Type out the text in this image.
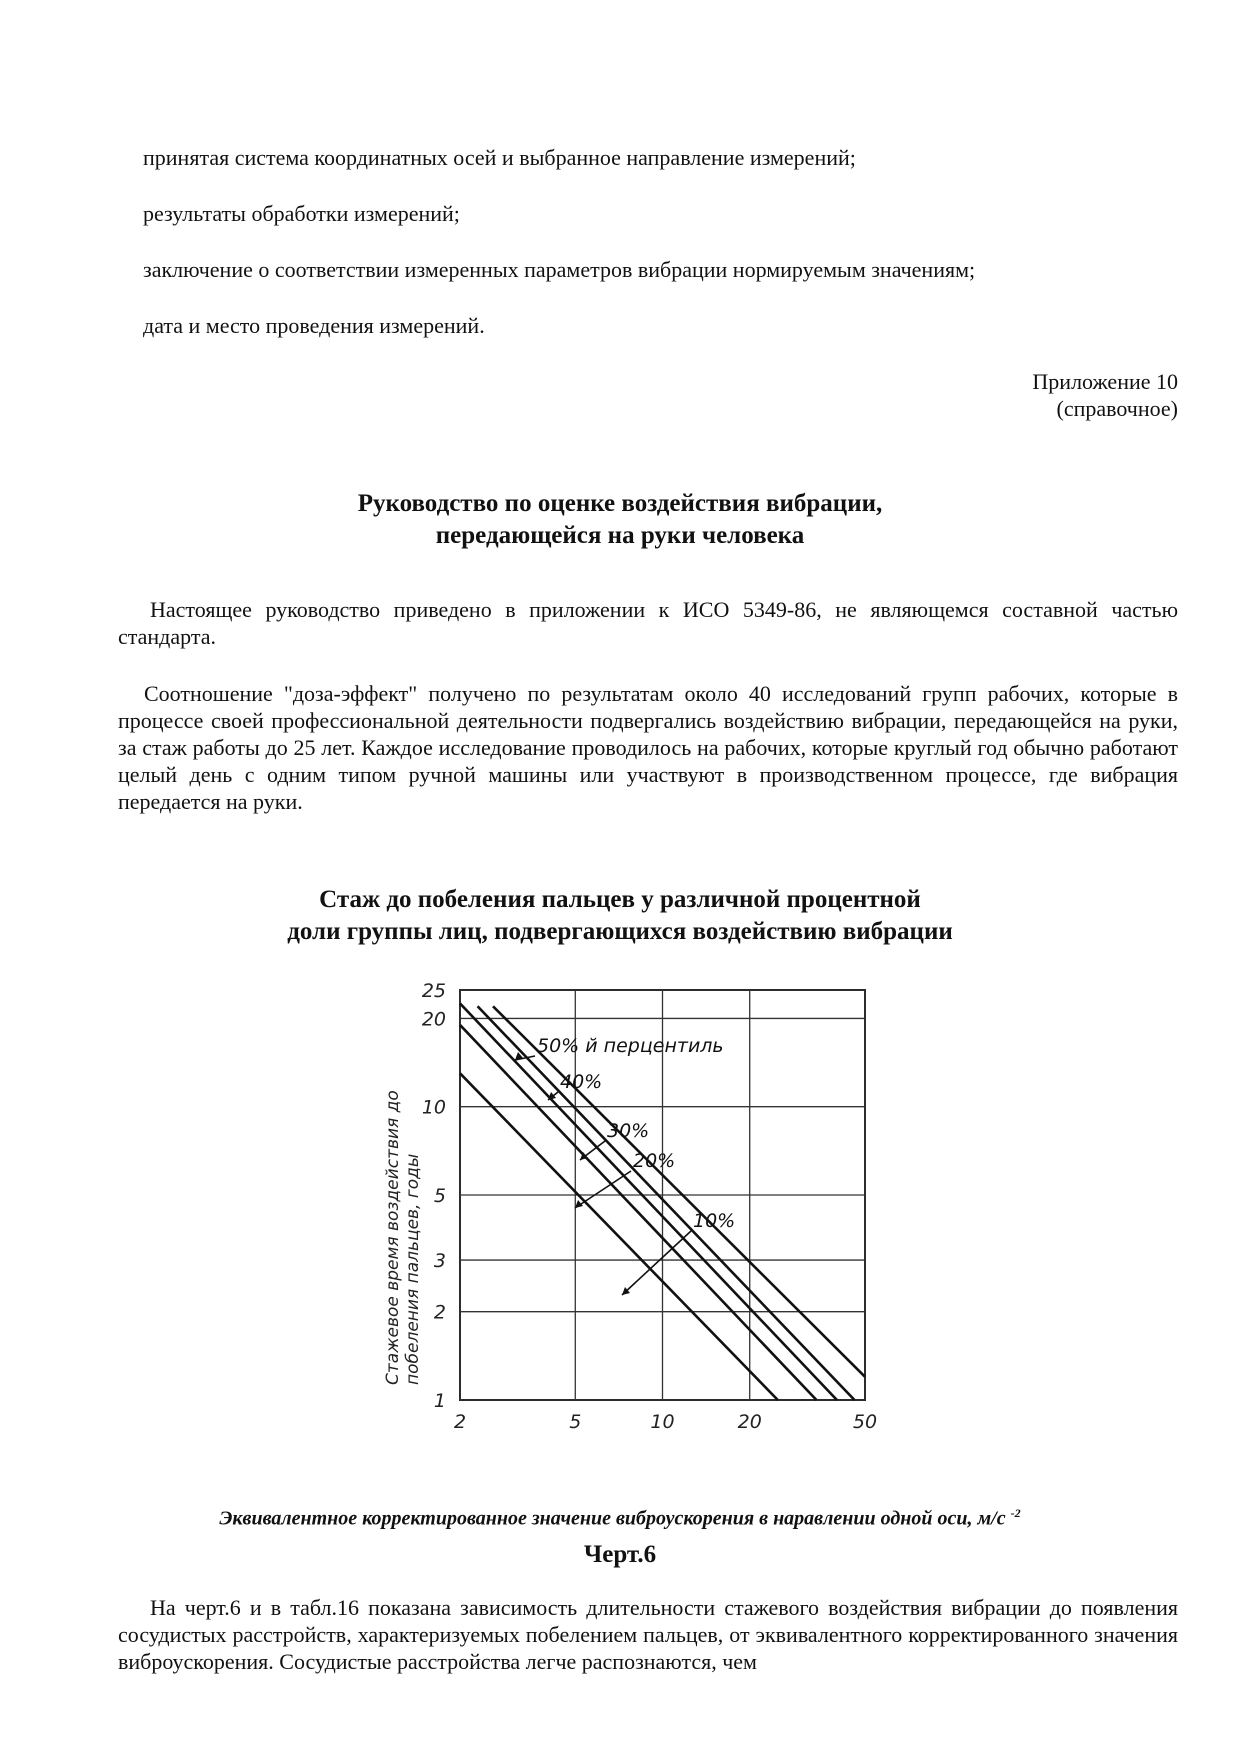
принятая система координатных осей и выбранное направление измерений;
результаты обработки измерений;
заключение о соответствии измеренных параметров вибрации нормируемым значениям;
дата и место проведения измерений.
Приложение 10
(справочное)
Руководство по оценке воздействия вибрации,
передающейся на руки человека
Настоящее руководство приведено в приложении к ИСО 5349-86, не являющемся составной частью стандарта.
Соотношение "доза-эффект" получено по результатам около 40 исследований групп рабочих, которые в процессе своей профессиональной деятельности подвергались воздействию вибрации, передающейся на руки, за стаж работы до 25 лет. Каждое исследование проводилось на рабочих, которые круглый год обычно работают целый день с одним типом ручной машины или участвуют в производственном процессе, где вибрация передается на руки.
Стаж до побеления пальцев у различной процентной
доли группы лиц, подвергающихся воздействию вибрации
2	5	10	20	50
1
2
3
5
10
20
25
Стажевое время воздействия до побеления пальцев, годы
50% й перцентиль
40%
30%
20%
10%
Эквивалентное корректированное значение виброускорения в наравлении одной оси, м/с $^{-2}$
Черт.6
На черт.6 и в табл.16 показана зависимость длительности стажевого воздействия вибрации до появления сосудистых расстройств, характеризуемых побелением пальцев, от эквивалентного корректированного значения виброускорения. Сосудистые расстройства легче распознаются, чем
